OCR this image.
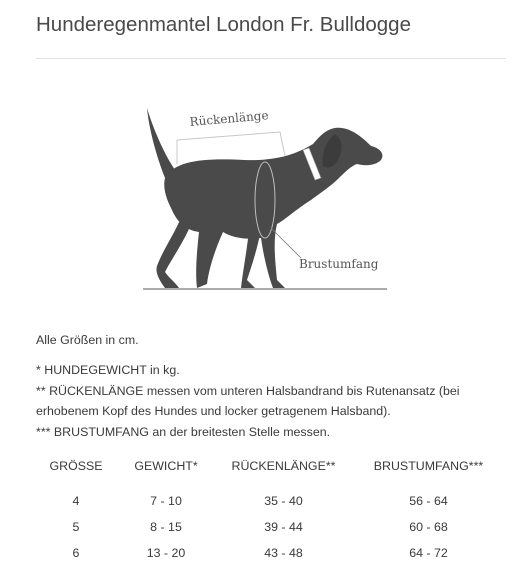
Hunderegenmantel London Fr. Bulldogge
Rückenlänge
Brustumfang
Alle Größen in cm.
* HUNDEGEWICHT in kg.
** RÜCKENLÄNGE messen vom unteren Halsbandrand bis Rutenansatz (bei
erhobenem Kopf des Hundes und locker getragenem Halsband).
*** BRUSTUMFANG an der breitesten Stelle messen.
GRÖSSE	GEWICHT*	RÜCKENLÄNGE**	BRUSTUMFANG***
4	7 - 10	35 - 40	56 - 64
5	8 - 15	39 - 44	60 - 68
6	13 - 20	43 - 48	64 - 72
